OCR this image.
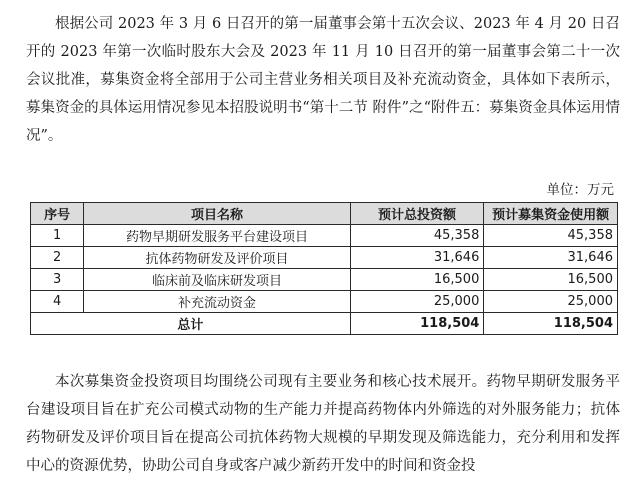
根据公司 2023 年 3 月 6 日召开的第一届董事会第十五次会议、2023 年 4 月 20 日召开的 2023 年第一次临时股东大会及 2023 年 11 月 10 日召开的第一届董事会第二十一次会议批准，募集资金将全部用于公司主营业务相关项目及补充流动资金，具体如下表所示，募集资金的具体运用情况参见本招股说明书“第十二节 附件”之“附件五：募集资金具体运用情况”。

单位：万元
序号	项目名称	预计总投资额	预计募集资金使用额
1	药物早期研发服务平台建设项目	45,358	45,358
2	抗体药物研发及评价项目	31,646	31,646
3	临床前及临床研发项目	16,500	16,500
4	补充流动资金	25,000	25,000
总计		118,504	118,504

本次募集资金投资项目均围绕公司现有主要业务和核心技术展开。药物早期研发服务平台建设项目旨在扩充公司模式动物的生产能力并提高药物体内外筛选的对外服务能力；抗体药物研发及评价项目旨在提高公司抗体药物大规模的早期发现及筛选能力，充分利用和发挥中心的资源优势，协助公司自身或客户减少新药开发中的时间和资金投
